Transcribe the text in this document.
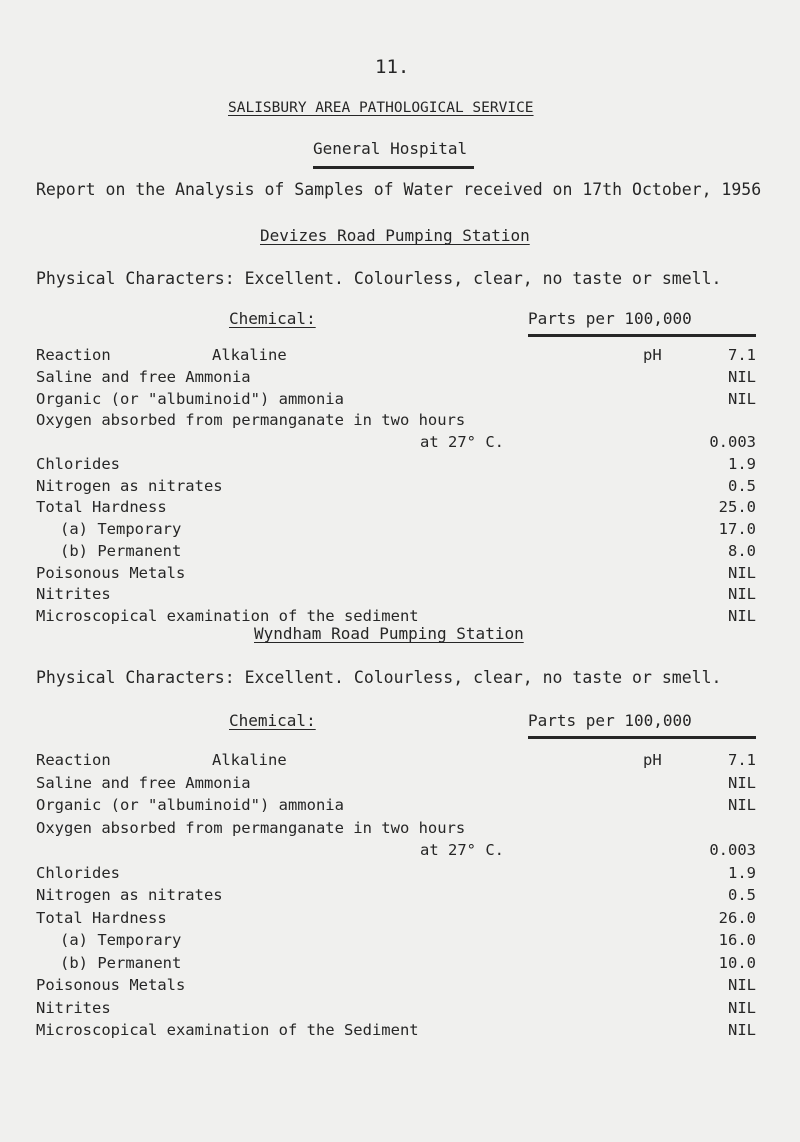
11.
SALISBURY AREA PATHOLOGICAL SERVICE
General Hospital
Report on the Analysis of Samples of Water received on 17th October, 1956
Devizes Road Pumping Station
Physical Characters: Excellent. Colourless, clear, no taste or smell.
Chemical:	Parts per 100,000
Reaction	Alkaline	pH	7.1
Saline and free Ammonia	NIL
Organic (or "albuminoid") ammonia	NIL
Oxygen absorbed from permanganate in two hours
at 27° C.	0.003
Chlorides	1.9
Nitrogen as nitrates	0.5
Total Hardness	25.0
(a) Temporary	17.0
(b) Permanent	8.0
Poisonous Metals	NIL
Nitrites	NIL
Microscopical examination of the sediment	NIL
Wyndham Road Pumping Station
Physical Characters: Excellent. Colourless, clear, no taste or smell.
Chemical:	Parts per 100,000
Reaction	Alkaline	pH	7.1
Saline and free Ammonia	NIL
Organic (or "albuminoid") ammonia	NIL
Oxygen absorbed from permanganate in two hours
at 27° C.	0.003
Chlorides	1.9
Nitrogen as nitrates	0.5
Total Hardness	26.0
(a) Temporary	16.0
(b) Permanent	10.0
Poisonous Metals	NIL
Nitrites	NIL
Microscopical examination of the Sediment	NIL
